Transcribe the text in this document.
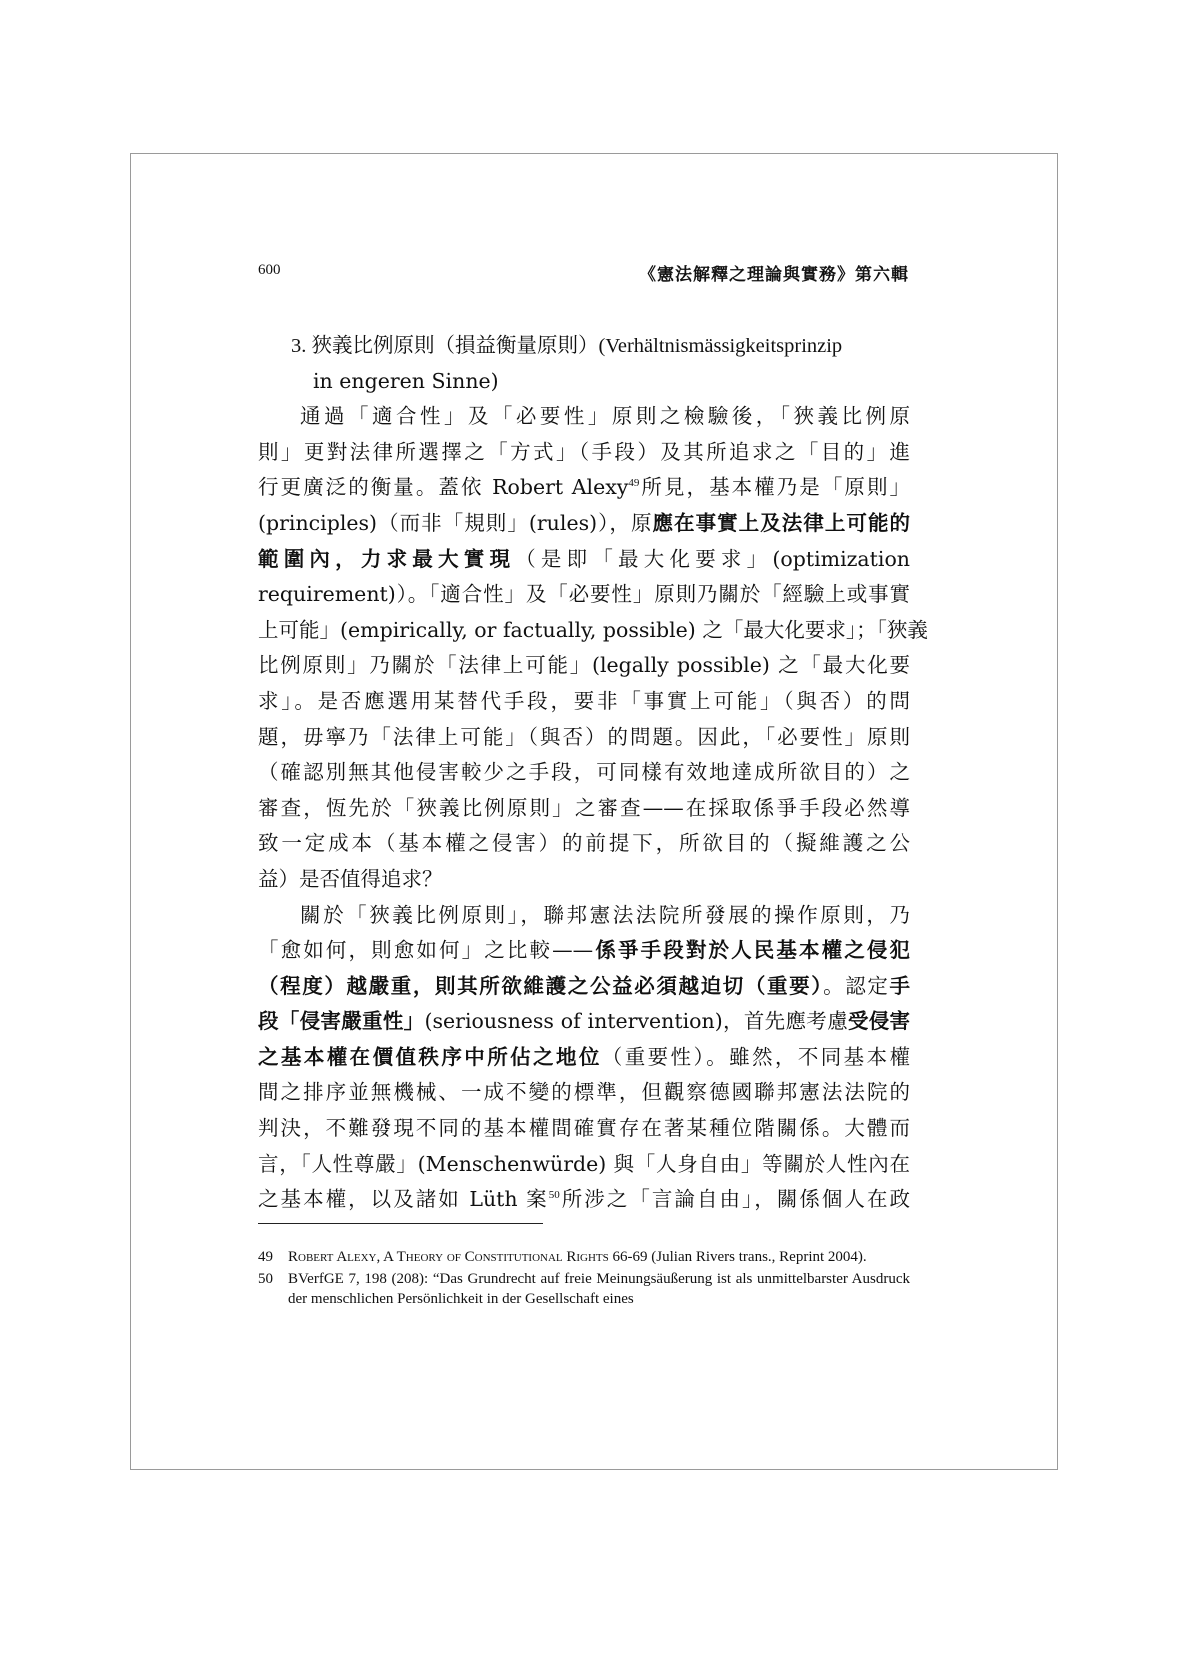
600	《憲法解釋之理論與實務》第六輯
3. 狹義比例原則（損益衡量原則）(Verhältnismässigkeitsprinzip
in engeren Sinne)
通過「適合性」及「必要性」原則之檢驗後，「狹義比例原
則」更對法律所選擇之「方式」（手段）及其所追求之「目的」進
行更廣泛的衡量。蓋依 Robert Alexy$^{49}$所見，基本權乃是「原則」
(principles)（而非「規則」(rules)），原應在事實上及法律上可能的
範圍內，力求最大實現（是即「最大化要求」(optimization
requirement)）。「適合性」及「必要性」原則乃關於「經驗上或事實
上可能」(empirically, or factually, possible) 之「最大化要求」；「狹義
比例原則」乃關於「法律上可能」(legally possible) 之「最大化要
求」。是否應選用某替代手段，要非「事實上可能」（與否）的問
題，毋寧乃「法律上可能」（與否）的問題。因此，「必要性」原則
（確認別無其他侵害較少之手段，可同樣有效地達成所欲目的）之
審查，恆先於「狹義比例原則」之審查——在採取係爭手段必然導
致一定成本（基本權之侵害）的前提下，所欲目的（擬維護之公
益）是否值得追求？
關於「狹義比例原則」，聯邦憲法法院所發展的操作原則，乃
「愈如何，則愈如何」之比較——係爭手段對於人民基本權之侵犯
（程度）越嚴重，則其所欲維護之公益必須越迫切（重要）。認定手
段「侵害嚴重性」(seriousness of intervention)，首先應考慮受侵害
之基本權在價值秩序中所佔之地位（重要性）。雖然，不同基本權
間之排序並無機械、一成不變的標準，但觀察德國聯邦憲法法院的
判決，不難發現不同的基本權間確實存在著某種位階關係。大體而
言，「人性尊嚴」(Menschenwürde) 與「人身自由」等關於人性內在
之基本權，以及諸如 Lüth 案$^{50}$所涉之「言論自由」，關係個人在政
49	Robert Alexy, A Theory of Constitutional Rights 66-69 (Julian Rivers trans., Reprint 2004).
50	BVerfGE 7, 198 (208): “Das Grundrecht auf freie Meinungsäußerung ist als unmittelbarster Ausdruck der menschlichen Persönlichkeit in der Gesellschaft eines
